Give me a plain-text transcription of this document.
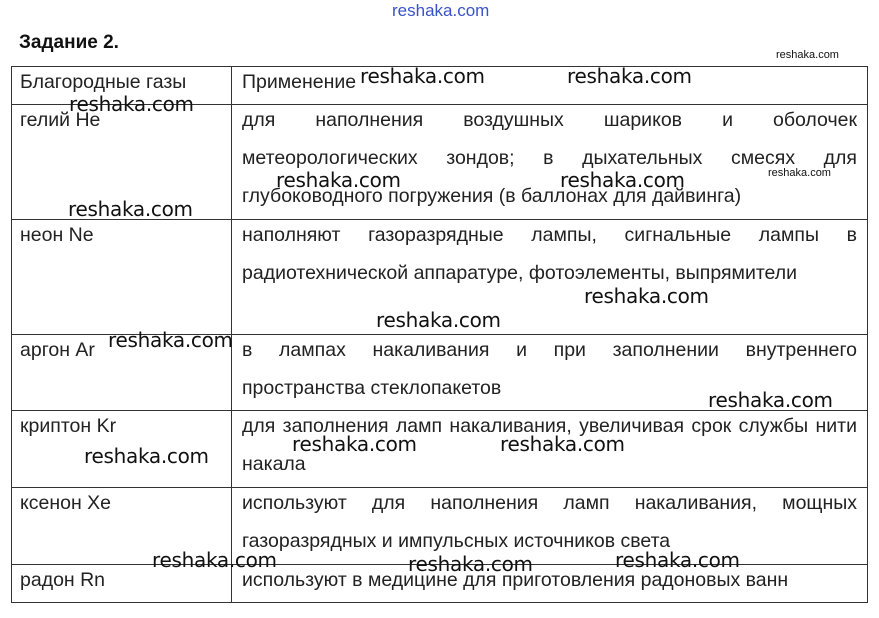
reshaka.com
Задание 2.
reshaka.com
reshaka.com
Благородные газы	Применение

гелий He	для наполнения воздушных шариков и оболочек метеорологических зондов; в дыхательных смесях для глубоководного погружения (в баллонах для дайвинга)

неон Ne	наполняют газоразрядные лампы, сигнальные лампы в радиотехнической аппаратуре, фотоэлементы, выпрямители

аргон Ar	в лампах накаливания и при заполнении внутреннего пространства стеклопакетов

криптон Kr	для заполнения ламп накаливания, увеличивая срок службы нити накала

ксенон Xe	используют для наполнения ламп накаливания, мощных газоразрядных и импульсных источников света

радон Rn	используют в медицине для приготовления радоновых ванн
reshaka.com	reshaka.com
reshaka.com
reshaka.com	reshaka.com
reshaka.com
reshaka.com
reshaka.com
reshaka.com
reshaka.com
reshaka.com	reshaka.com
reshaka.com
reshaka.com	reshaka.com
reshaka.com
